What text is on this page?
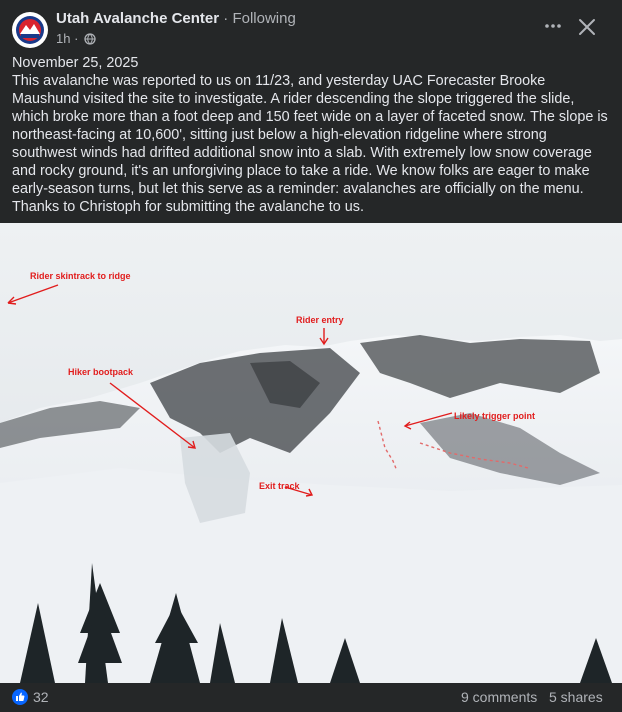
Utah Avalanche Center · Following
1h ·
November 25, 2025
This avalanche was reported to us on 11/23, and yesterday UAC Forecaster Brooke Maushund visited the site to investigate. A rider descending the slope triggered the slide, which broke more than a foot deep and 150 feet wide on a layer of faceted snow. The slope is northeast-facing at 10,600', sitting just below a high-elevation ridgeline where strong southwest winds had drifted additional snow into a slab. With extremely low snow coverage and rocky ground, it's an unforgiving place to take a ride. We know folks are eager to make early-season turns, but let this serve as a reminder: avalanches are officially on the menu. Thanks to Christoph for submitting the avalanche to us.
Rider skintrack to ridge
Rider entry
Hiker bootpack
Likely trigger point
Exit track
32	9 comments 5 shares
